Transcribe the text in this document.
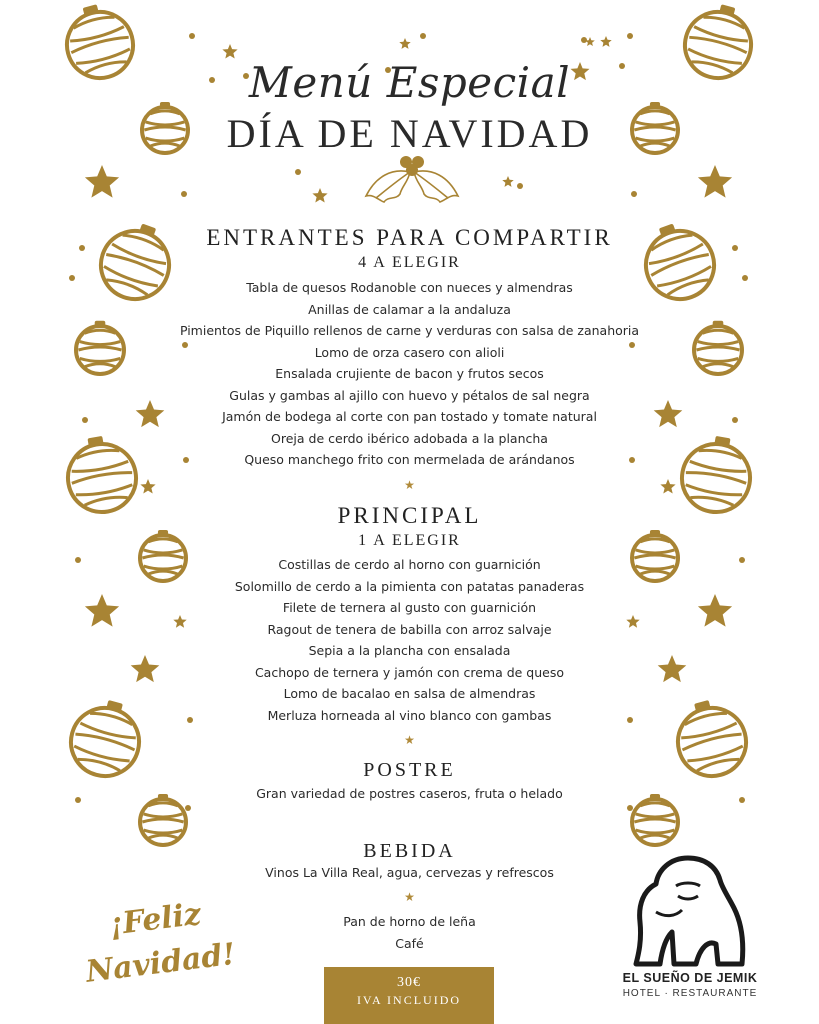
Menú Especial
DÍA DE NAVIDAD
ENTRANTES PARA COMPARTIR
4 A ELEGIR
Tabla de quesos Rodanoble con nueces y almendras
Anillas de calamar a la andaluza
Pimientos de Piquillo rellenos de carne y verduras con salsa de zanahoria
Lomo de orza casero con alioli
Ensalada crujiente de bacon y frutos secos
Gulas y gambas al ajillo con huevo y pétalos de sal negra
Jamón de bodega al corte con pan tostado y tomate natural
Oreja de cerdo ibérico adobada a la plancha
Queso manchego frito con mermelada de arándanos
★
PRINCIPAL
1 A ELEGIR
Costillas de cerdo al horno con guarnición
Solomillo de cerdo a la pimienta con patatas panaderas
Filete de ternera al gusto con guarnición
Ragout de tenera de babilla con arroz salvaje
Sepia a la plancha con ensalada
Cachopo de ternera y jamón con crema de queso
Lomo de bacalao en salsa de almendras
Merluza horneada al vino blanco con gambas
★
POSTRE
Gran variedad de postres caseros, fruta o helado
BEBIDA
Vinos La Villa Real, agua, cervezas y refrescos
★
Pan de horno de leña
Café
30€
IVA INCLUIDO
¡Feliz
Navidad!	EL SUEÑO DE JEMIK
HOTEL · RESTAURANTE
